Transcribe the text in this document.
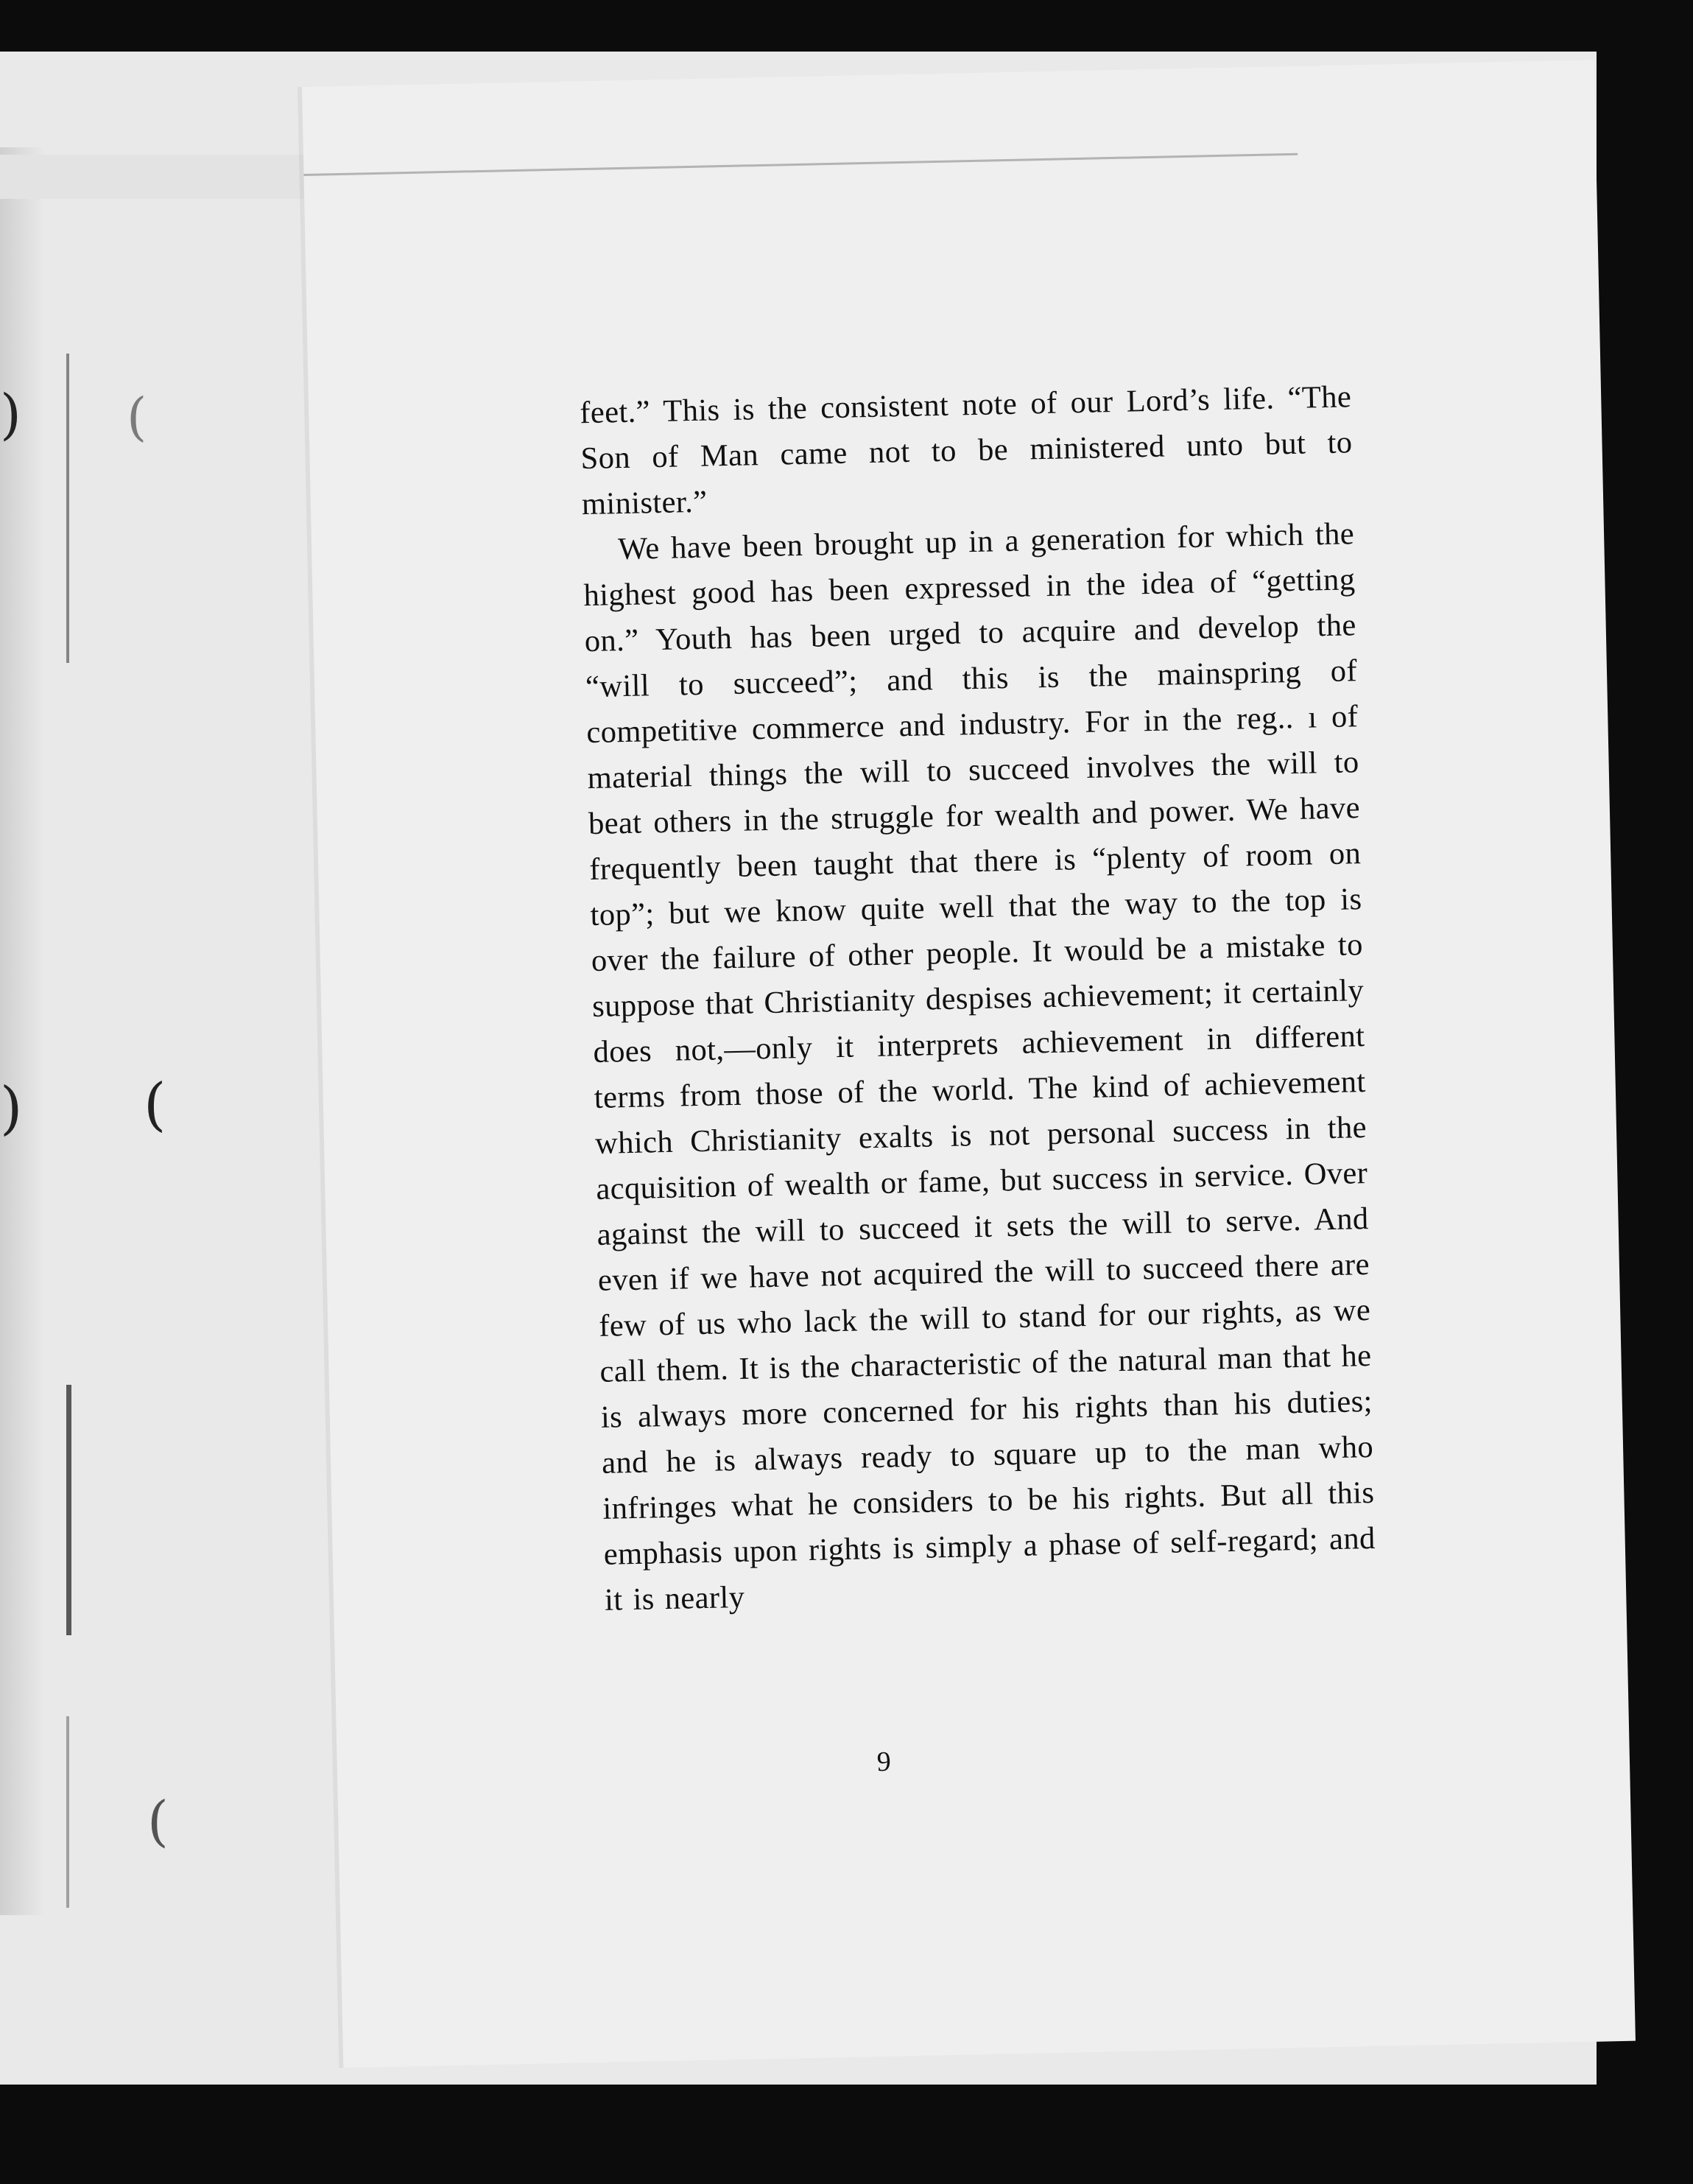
(
(
(
)
)	feet.” This is the consistent note of our Lord’s life. “The Son of Man came not to be ministered unto but to minister.”

We have been brought up in a generation for which the highest good has been expressed in the idea of “getting on.” Youth has been urged to acquire and develop the “will to succeed”; and this is the mainspring of competitive commerce and industry. For in the reg.. ı of material things the will to succeed involves the will to beat others in the struggle for wealth and power. We have frequently been taught that there is “plenty of room on top”; but we know quite well that the way to the top is over the failure of other people. It would be a mistake to suppose that Christianity despises achievement; it certainly does not,—only it interprets achievement in different terms from those of the world. The kind of achievement which Christianity exalts is not personal success in the acquisition of wealth or fame, but success in service. Over against the will to succeed it sets the will to serve. And even if we have not acquired the will to succeed there are few of us who lack the will to stand for our rights, as we call them. It is the characteristic of the natural man that he is always more concerned for his rights than his duties; and he is always ready to square up to the man who infringes what he considers to be his rights. But all this emphasis upon rights is simply a phase of self-regard; and it is nearly

9
